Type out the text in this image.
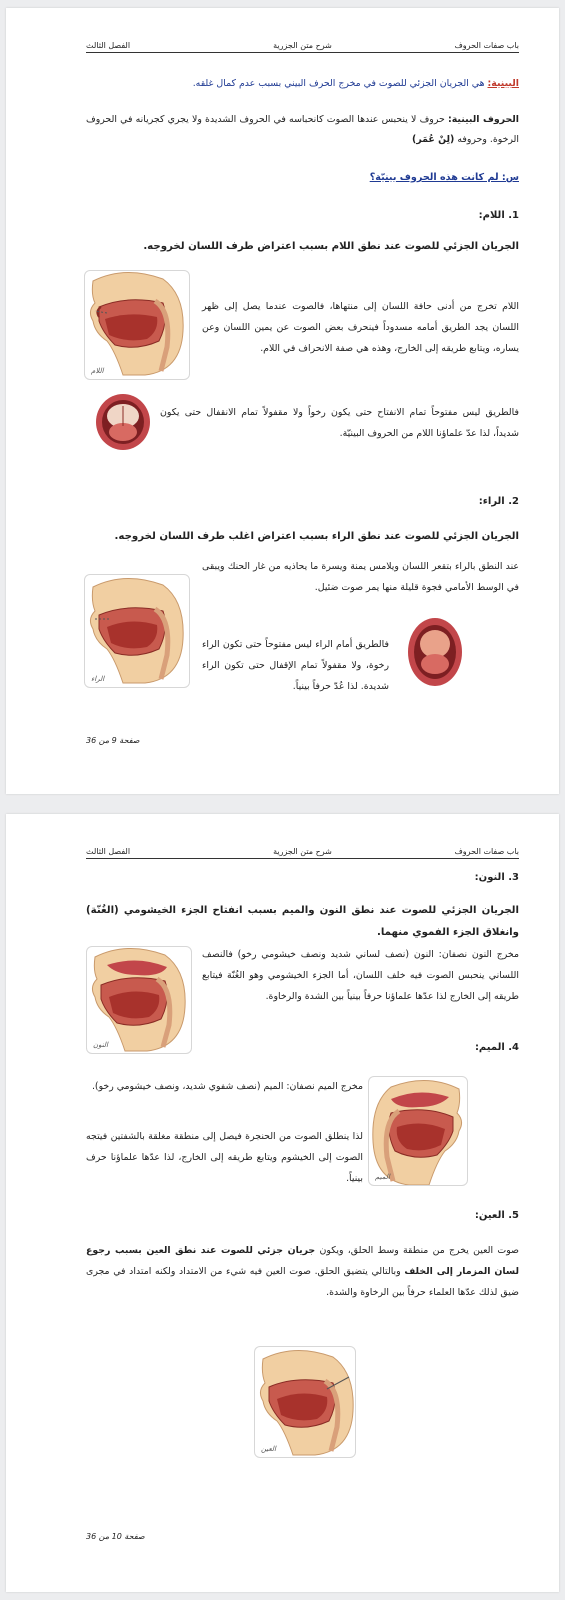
باب صفات الحروف
شرح متن الجزرية
الفصل الثالث
البينية: هي الجريان الجزئي للصوت في مخرج الحرف البيني بسبب عدم كمال غلقه.
الحروف البينية: حروف لا ينحبس عندها الصوت كانحباسه في الحروف الشديدة ولا يجري كجريانه في الحروف الرخوة. وحروفه (لِنْ عُمَر)
س: لم كانت هذه الحروف بينيّة؟
1. اللام:
الجريان الجزئي للصوت عند نطق اللام بسبب اعتراض طرف اللسان لخروجه.
اللام
اللام تخرج من أدنى حافة اللسان إلى منتهاها، فالصوت عندما يصل إلى ظهر اللسان يجد الطريق أمامه مسدوداً فينحرف بعض الصوت عن يمين اللسان وعن يساره، ويتابع طريقه إلى الخارج، وهذه هي صفة الانحراف في اللام.
فالطريق ليس مفتوحاً تمام الانفتاح حتى يكون رخواً ولا مقفولاً تمام الانقفال حتى يكون شديداً، لذا عدّ علماؤنا اللام من الحروف البينيّة.
2. الراء:
الجريان الجزئي للصوت عند نطق الراء بسبب اعتراض اغلب طرف اللسان لخروجه.
الراء
عند النطق بالراء بتقعر اللسان ويلامس يمنة ويسرة ما يحاذيه من غار الحنك ويبقى في الوسط الأمامي فجوة قليلة منها يمر صوت ضئيل.
فالطريق أمام الراء ليس مفتوحاً حتى تكون الراء رخوة، ولا مقفولاً تمام الإقفال حتى تكون الراء شديدة. لذا عُدّ حرفاً بينياً.
صفحة 9 من 36
باب صفات الحروف
شرح متن الجزرية
الفصل الثالث
3. النون:
الجريان الجزئي للصوت عند نطق النون والميم بسبب انفتاح الجزء الخيشومي (الغُنّة) وانغلاق الجزء الفموي منهما.
النون
مخرج النون نصفان: النون (نصف لساني شديد ونصف خيشومي رخو) فالنصف اللساني ينحبس الصوت فيه خلف اللسان، أما الجزء الخيشومي وهو الغُنّة فيتابع طريقه إلى الخارج لذا عدّها علماؤنا حرفاً بينياً بين الشدة والرخاوة.
4. الميم:
الميم
مخرج الميم نصفان: الميم (نصف شفوي شديد، ونصف خيشومي رخو).
لذا ينطلق الصوت من الحنجرة فيصل إلى منطقة مغلقة بالشفتين فيتجه الصوت إلى الخيشوم ويتابع طريقه إلى الخارج، لذا عدّها علماؤنا حرف بينياً.
5. العين:
صوت العين يخرج من منطقة وسط الحلق، ويكون جريان جزئي للصوت عند نطق العين بسبب رجوع لسان المزمار إلى الخلف وبالتالي يتضيق الحلق. صوت العين فيه شيء من الامتداد ولكنه امتداد في مجرى ضيق لذلك عدّها العلماء حرفاً بين الرخاوة والشدة.
العين
صفحة 10 من 36
